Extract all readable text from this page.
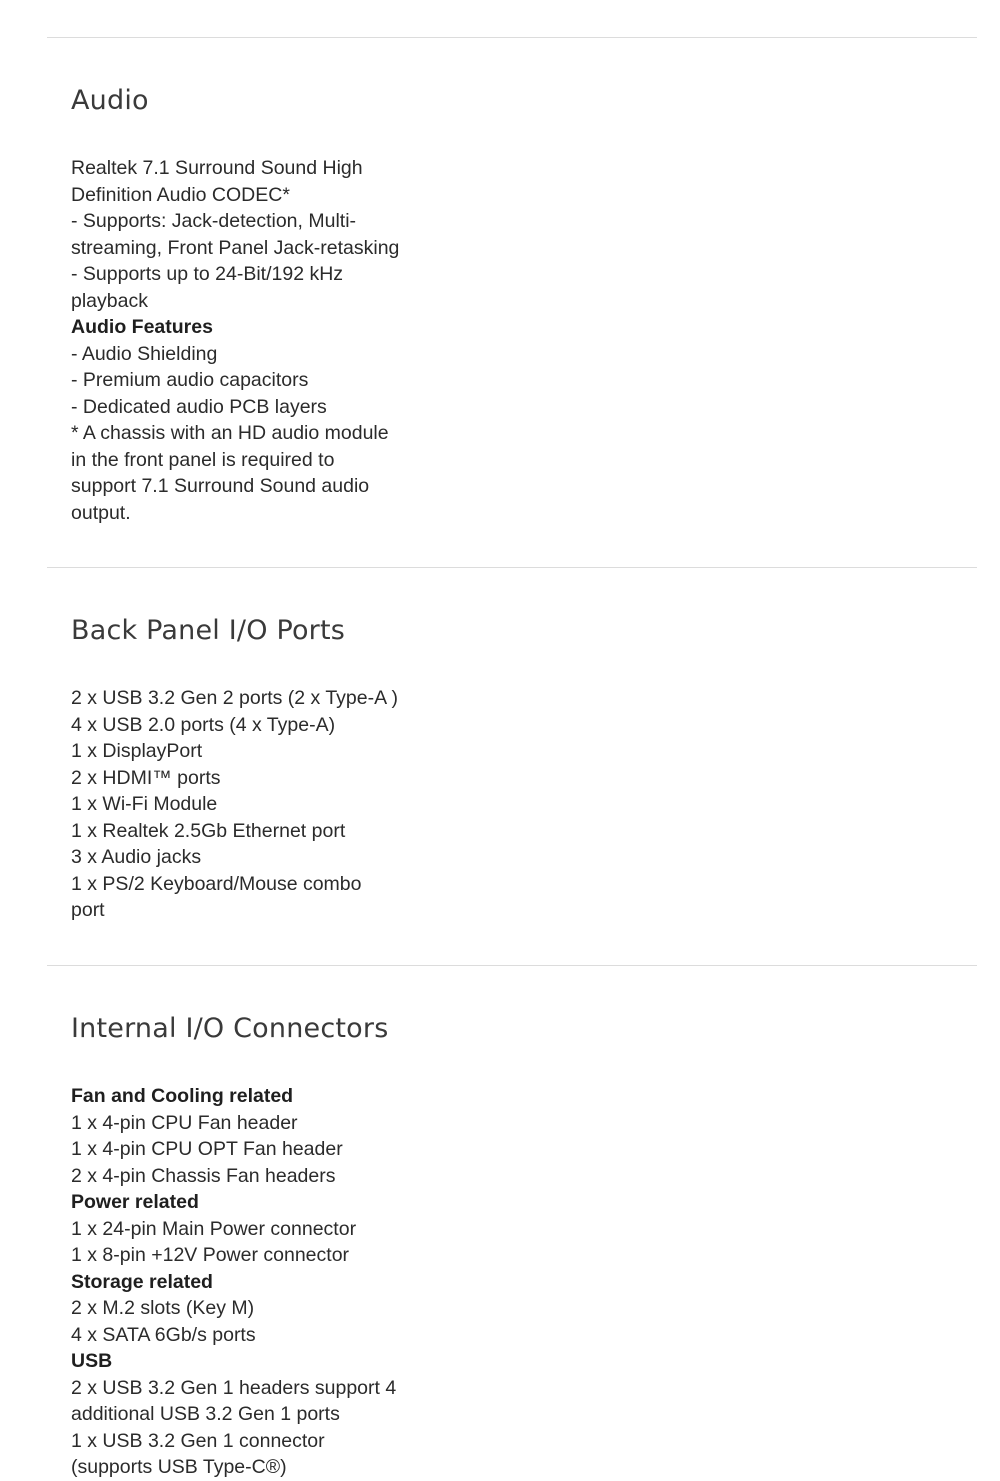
Audio
Realtek 7.1 Surround Sound High
Definition Audio CODEC*
- Supports: Jack-detection, Multi-
streaming, Front Panel Jack-retasking
- Supports up to 24-Bit/192 kHz
playback
Audio Features
- Audio Shielding
- Premium audio capacitors
- Dedicated audio PCB layers
* A chassis with an HD audio module
in the front panel is required to
support 7.1 Surround Sound audio
output.
Back Panel I/O Ports
2 x USB 3.2 Gen 2 ports (2 x Type-A )
4 x USB 2.0 ports (4 x Type-A)
1 x DisplayPort
2 x HDMI™ ports
1 x Wi-Fi Module
1 x Realtek 2.5Gb Ethernet port
3 x Audio jacks
1 x PS/2 Keyboard/Mouse combo
port
Internal I/O Connectors
Fan and Cooling related
1 x 4-pin CPU Fan header
1 x 4-pin CPU OPT Fan header
2 x 4-pin Chassis Fan headers
Power related
1 x 24-pin Main Power connector
1 x 8-pin +12V Power connector
Storage related
2 x M.2 slots (Key M)
4 x SATA 6Gb/s ports
USB
2 x USB 3.2 Gen 1 headers support 4
additional USB 3.2 Gen 1 ports
1 x USB 3.2 Gen 1 connector
(supports USB Type-C®)
